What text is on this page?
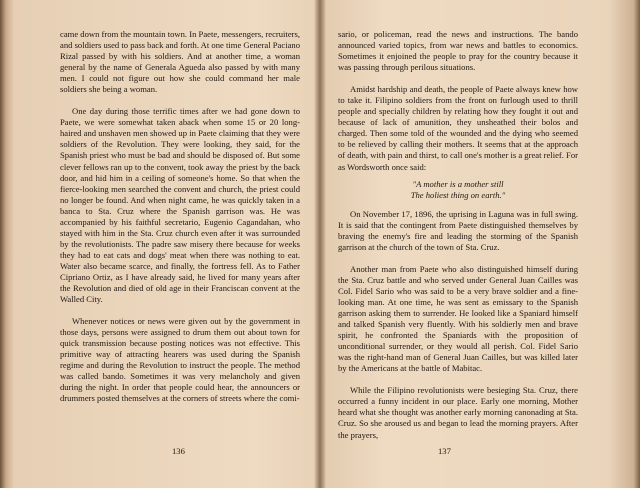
came down from the mountain town. In Paete, messengers, recruiters, and soldiers used to pass back and forth. At one time General Paciano Rizal passed by with his soldiers. And at another time, a woman general by the name of Generala Agueda also passed by with many men. I could not figure out how she could command her male soldiers she being a woman.

One day during those terrific times after we had gone down to Paete, we were somewhat taken aback when some 15 or 20 long-haired and unshaven men showed up in Paete claiming that they were soldiers of the Revolution. They were looking, they said, for the Spanish priest who must be bad and should be disposed of. But some clever fellows ran up to the convent, took away the priest by the back door, and hid him in a ceiling of someone's home. So that when the fierce-looking men searched the convent and church, the priest could no longer be found. And when night came, he was quickly taken in a banca to Sta. Cruz where the Spanish garrison was. He was accompanied by his faithful secretario, Eugenio Cagandahan, who stayed with him in the Sta. Cruz church even after it was surrounded by the revolutionists. The padre saw misery there because for weeks they had to eat cats and dogs' meat when there was nothing to eat. Water also became scarce, and finally, the fortress fell. As to Father Cipriano Ortiz, as I have already said, he lived for many years after the Revolution and died of old age in their Franciscan convent at the Walled City.

Whenever notices or news were given out by the government in those days, persons were assigned to drum them out about town for quick transmission because posting notices was not effective. This primitive way of attracting hearers was used during the Spanish regime and during the Revolution to instruct the people. The method was called bando. Sometimes it was very melancholy and given during the night. In order that people could hear, the announcers or drummers posted themselves at the corners of streets where the comi-

136

sario, or policeman, read the news and instructions. The bando announced varied topics, from war news and battles to economics. Sometimes it enjoined the people to pray for the country because it was passing through perilous situations.

Amidst hardship and death, the people of Paete always knew how to take it. Filipino soldiers from the front on furlough used to thrill people and specially children by relating how they fought it out and because of lack of amunition, they unsheathed their bolos and charged. Then some told of the wounded and the dying who seemed to be relieved by calling their mothers. It seems that at the approach of death, with pain and thirst, to call one's mother is a great relief. For as Wordsworth once said:

"A mother is a mother still
The holiest thing on earth."

On November 17, 1896, the uprising in Laguna was in full swing. It is said that the contingent from Paete distinguished themselves by braving the enemy's fire and leading the storming of the Spanish garrison at the church of the town of Sta. Cruz.

Another man from Paete who also distinguished himself during the Sta. Cruz battle and who served under General Juan Cailles was Col. Fidel Sario who was said to be a very brave soldier and a fine-looking man. At one time, he was sent as emissary to the Spanish garrison asking them to surrender. He looked like a Spaniard himself and talked Spanish very fluently. With his soldierly men and brave spirit, he confronted the Spaniards with the proposition of unconditional surrender, or they would all perish. Col. Fidel Sario was the right-hand man of General Juan Cailles, but was killed later by the Americans at the battle of Mabitac.

While the Filipino revolutionists were besieging Sta. Cruz, there occurred a funny incident in our place. Early one morning, Mother heard what she thought was another early morning canonading at Sta. Cruz. So she aroused us and began to lead the morning prayers. After the prayers,

137
